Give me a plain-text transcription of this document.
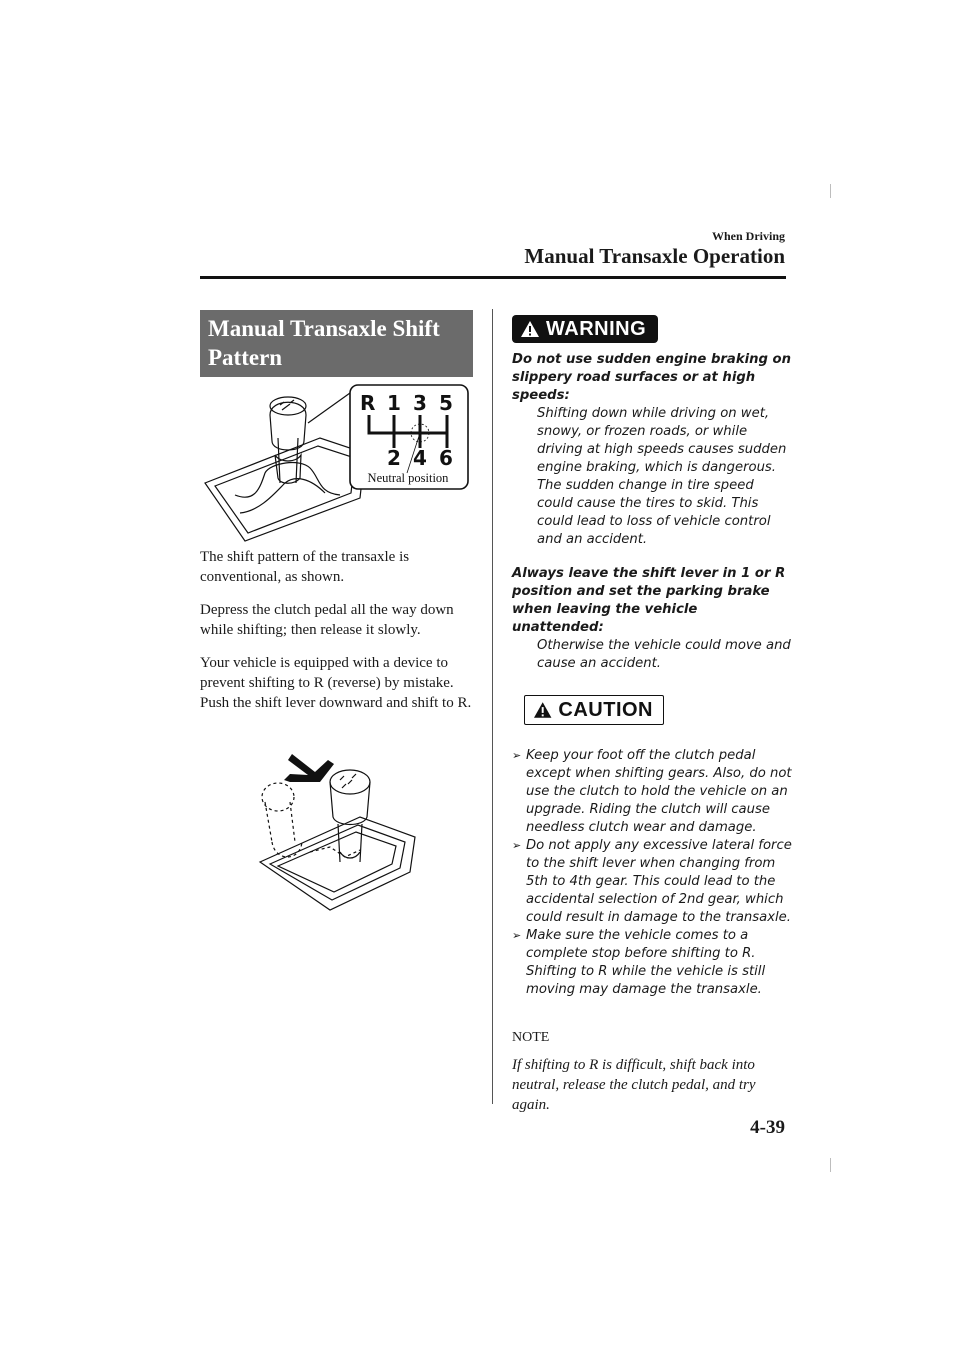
When Driving
Manual Transaxle Operation
Manual Transaxle Shift Pattern
R 1 3 5
2 4 6
Neutral position

The shift pattern of the transaxle is conventional, as shown.

Depress the clutch pedal all the way down while shifting; then release it slowly.

Your vehicle is equipped with a device to prevent shifting to R (reverse) by mistake. Push the shift lever downward and shift to R.

WARNING

Do not use sudden engine braking on slippery road surfaces or at high speeds:

Shifting down while driving on wet, snowy, or frozen roads, or while driving at high speeds causes sudden engine braking, which is dangerous. The sudden change in tire speed could cause the tires to skid. This could lead to loss of vehicle control and an accident.

Always leave the shift lever in 1 or R position and set the parking brake when leaving the vehicle unattended:

Otherwise the vehicle could move and cause an accident.

CAUTION
➢ Keep your foot off the clutch pedal except when shifting gears. Also, do not use the clutch to hold the vehicle on an upgrade. Riding the clutch will cause needless clutch wear and damage.
➢ Do not apply any excessive lateral force to the shift lever when changing from 5th to 4th gear. This could lead to the accidental selection of 2nd gear, which could result in damage to the transaxle.
➢ Make sure the vehicle comes to a complete stop before shifting to R. Shifting to R while the vehicle is still moving may damage the transaxle.

NOTE

If shifting to R is difficult, shift back into neutral, release the clutch pedal, and try again.

4-39
